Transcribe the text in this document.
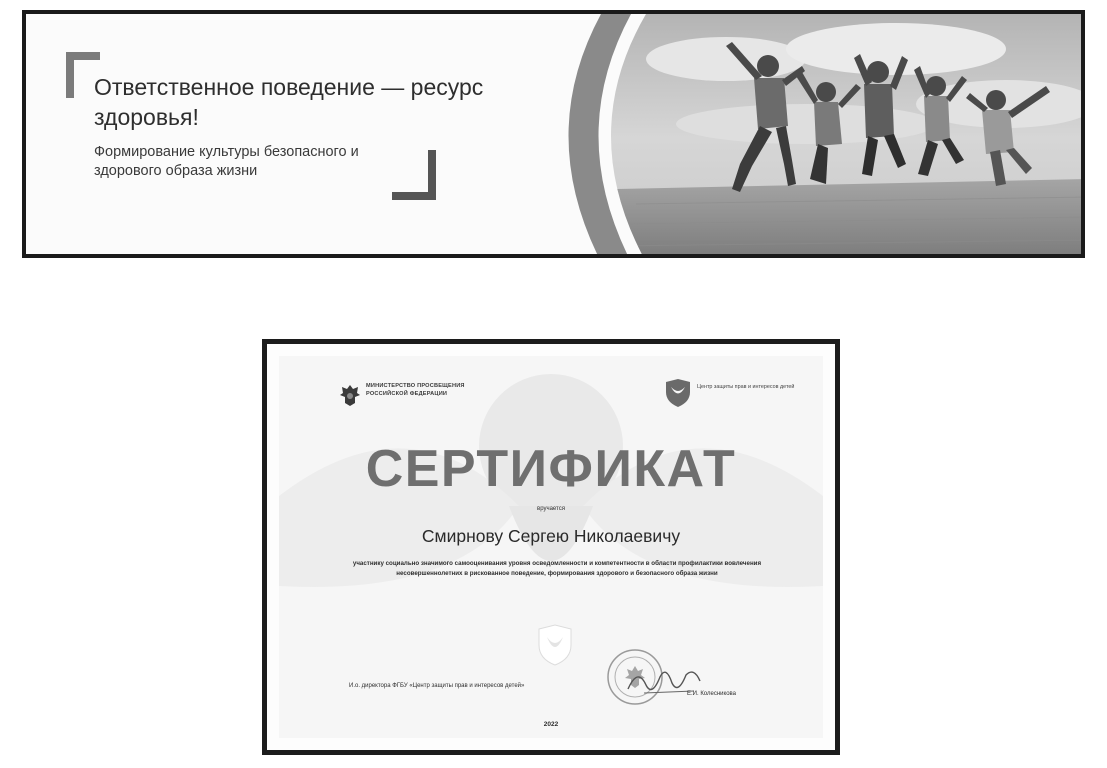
Ответственное поведение — ресурс здоровья!
Формирование культуры безопасного и здорового образа жизни
МИНИСТЕРСТВО ПРОСВЕЩЕНИЯ РОССИЙСКОЙ ФЕДЕРАЦИИ
Центр защиты прав и интересов детей
СЕРТИФИКАТ
вручается
Смирнову Сергею Николаевичу
участнику социально значимого самооценивания уровня осведомленности и компетентности в области профилактики вовлечения несовершеннолетних в рискованное поведение, формирования здорового и безопасного образа жизни
И.о. директора ФГБУ «Центр защиты прав и интересов детей»
Е.И. Колесникова
2022
